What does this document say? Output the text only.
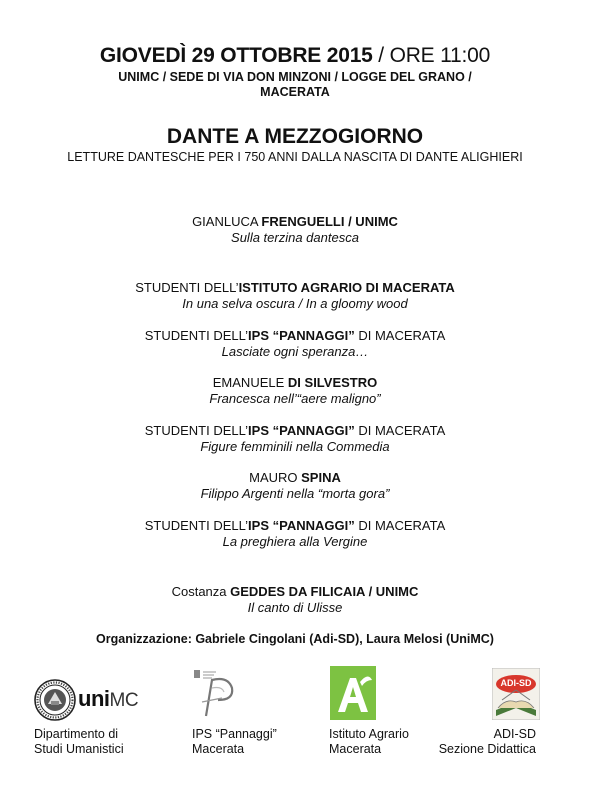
GIOVEDÌ 29 OTTOBRE 2015 / ORE 11:00
UNIMC / SEDE DI VIA DON MINZONI / LOGGE DEL GRANO /
MACERATA
DANTE A MEZZOGIORNO
LETTURE DANTESCHE PER I 750 ANNI DALLA NASCITA DI DANTE ALIGHIERI
GIANLUCA FRENGUELLI / UNIMC
Sulla terzina dantesca
STUDENTI DELL’ISTITUTO AGRARIO DI MACERATA
In una selva oscura / In a gloomy wood
STUDENTI DELL’IPS “PANNAGGI” DI MACERATA
Lasciate ogni speranza…
EMANUELE DI SILVESTRO
Francesca nell’“aere maligno”
STUDENTI DELL’IPS “PANNAGGI” DI MACERATA
Figure femminili nella Commedia
MAURO SPINA
Filippo Argenti nella “morta gora”
STUDENTI DELL’IPS “PANNAGGI” DI MACERATA
La preghiera alla Vergine
Costanza GEDDES DA FILICAIA / UNIMC
Il canto di Ulisse
Organizzazione: Gabriele Cingolani (Adi-SD), Laura Melosi (UniMC)
uniMC
Dipartimento di
Studi Umanistici
IPS “Pannaggi”
Macerata
Istituto Agrario
Macerata
ADI-SD
ADI-SD
Sezione Didattica
